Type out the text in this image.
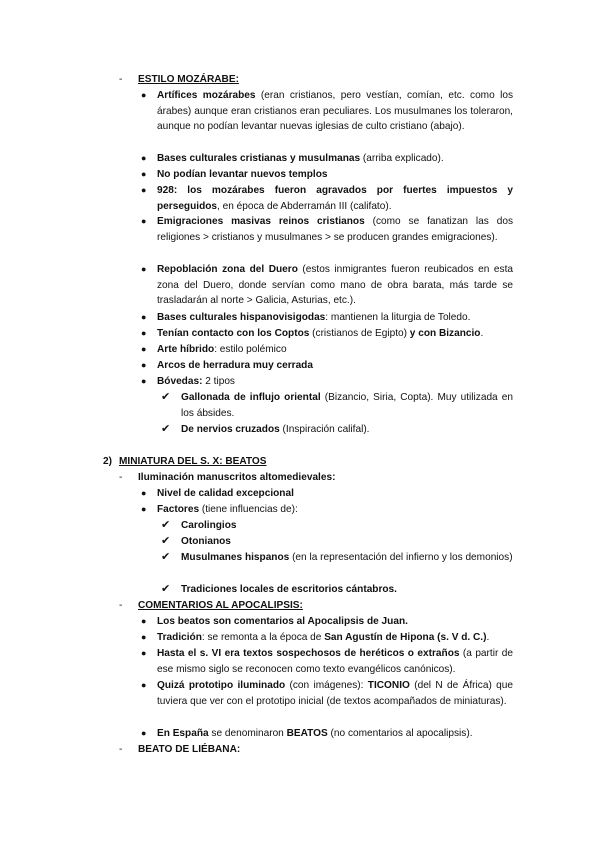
- ESTILO MOZÁRABE:
● Artífices mozárabes (eran cristianos, pero vestían, comían, etc. como los árabes) aunque eran cristianos eran peculiares. Los musulmanes los toleraron, aunque no podían levantar nuevas iglesias de culto cristiano (abajo).
● Bases culturales cristianas y musulmanas (arriba explicado).
● No podían levantar nuevos templos
● 928: los mozárabes fueron agravados por fuertes impuestos y perseguidos, en época de Abderramán III (califato).
● Emigraciones masivas reinos cristianos (como se fanatizan las dos religiones > cristianos y musulmanes > se producen grandes emigraciones).
● Repoblación zona del Duero (estos inmigrantes fueron reubicados en esta zona del Duero, donde servían como mano de obra barata, más tarde se trasladarán al norte > Galicia, Asturias, etc.).
● Bases culturales hispanovisigodas: mantienen la liturgia de Toledo.
● Tenían contacto con los Coptos (cristianos de Egipto) y con Bizancio.
● Arte híbrido: estilo polémico
● Arcos de herradura muy cerrada
● Bóvedas: 2 tipos
✔ Gallonada de influjo oriental (Bizancio, Siria, Copta). Muy utilizada en los ábsides.
✔ De nervios cruzados (Inspiración califal).
2) MINIATURA DEL S. X: BEATOS
- Iluminación manuscritos altomedievales:
● Nivel de calidad excepcional
● Factores (tiene influencias de):
✔ Carolingios
✔ Otonianos
✔ Musulmanes hispanos (en la representación del infierno y los demonios)
✔ Tradiciones locales de escritorios cántabros.
- COMENTARIOS AL APOCALIPSIS:
● Los beatos son comentarios al Apocalipsis de Juan.
● Tradición: se remonta a la época de San Agustín de Hipona (s. V d. C.).
● Hasta el s. VI era textos sospechosos de heréticos o extraños (a partir de ese mismo siglo se reconocen como texto evangélicos canónicos).
● Quizá prototipo iluminado (con imágenes): TICONIO (del N de África) que tuviera que ver con el prototipo inicial (de textos acompañados de miniaturas).
● En España se denominaron BEATOS (no comentarios al apocalipsis).
- BEATO DE LIÉBANA:
